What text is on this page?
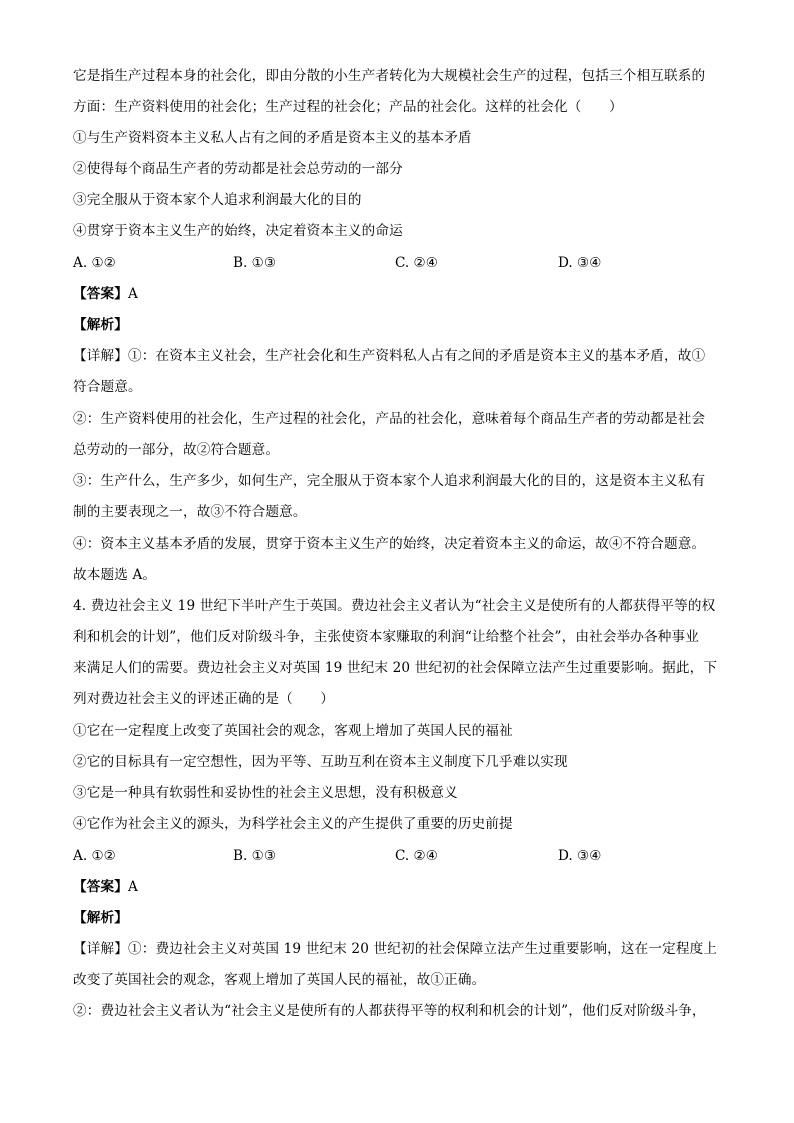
它是指生产过程本身的社会化，即由分散的小生产者转化为大规模社会生产的过程，包括三个相互联系的
方面：生产资料使用的社会化；生产过程的社会化；产品的社会化。这样的社会化（　　）
①与生产资料资本主义私人占有之间的矛盾是资本主义的基本矛盾
②使得每个商品生产者的劳动都是社会总劳动的一部分
③完全服从于资本家个人追求利润最大化的目的
④贯穿于资本主义生产的始终，决定着资本主义的命运
A. ①②	B. ①③	C. ②④	D. ③④
【答案】A
【解析】
【详解】①：在资本主义社会，生产社会化和生产资料私人占有之间的矛盾是资本主义的基本矛盾，故①
符合题意。
②：生产资料使用的社会化，生产过程的社会化，产品的社会化，意味着每个商品生产者的劳动都是社会
总劳动的一部分，故②符合题意。
③：生产什么，生产多少，如何生产，完全服从于资本家个人追求利润最大化的目的，这是资本主义私有
制的主要表现之一，故③不符合题意。
④：资本主义基本矛盾的发展，贯穿于资本主义生产的始终，决定着资本主义的命运，故④不符合题意。
故本题选 A。
4. 费边社会主义 19 世纪下半叶产生于英国。费边社会主义者认为“社会主义是使所有的人都获得平等的权
利和机会的计划”，他们反对阶级斗争，主张使资本家赚取的利润“让给整个社会”，由社会举办各种事业
来满足人们的需要。费边社会主义对英国 19 世纪末 20 世纪初的社会保障立法产生过重要影响。据此，下
列对费边社会主义的评述正确的是（　　）
①它在一定程度上改变了英国社会的观念，客观上增加了英国人民的福祉
②它的目标具有一定空想性，因为平等、互助互利在资本主义制度下几乎难以实现
③它是一种具有软弱性和妥协性的社会主义思想，没有积极意义
④它作为社会主义的源头，为科学社会主义的产生提供了重要的历史前提
A. ①②	B. ①③	C. ②④	D. ③④
【答案】A
【解析】
【详解】①：费边社会主义对英国 19 世纪末 20 世纪初的社会保障立法产生过重要影响，这在一定程度上
改变了英国社会的观念，客观上增加了英国人民的福祉，故①正确。
②：费边社会主义者认为“社会主义是使所有的人都获得平等的权利和机会的计划”，他们反对阶级斗争，
